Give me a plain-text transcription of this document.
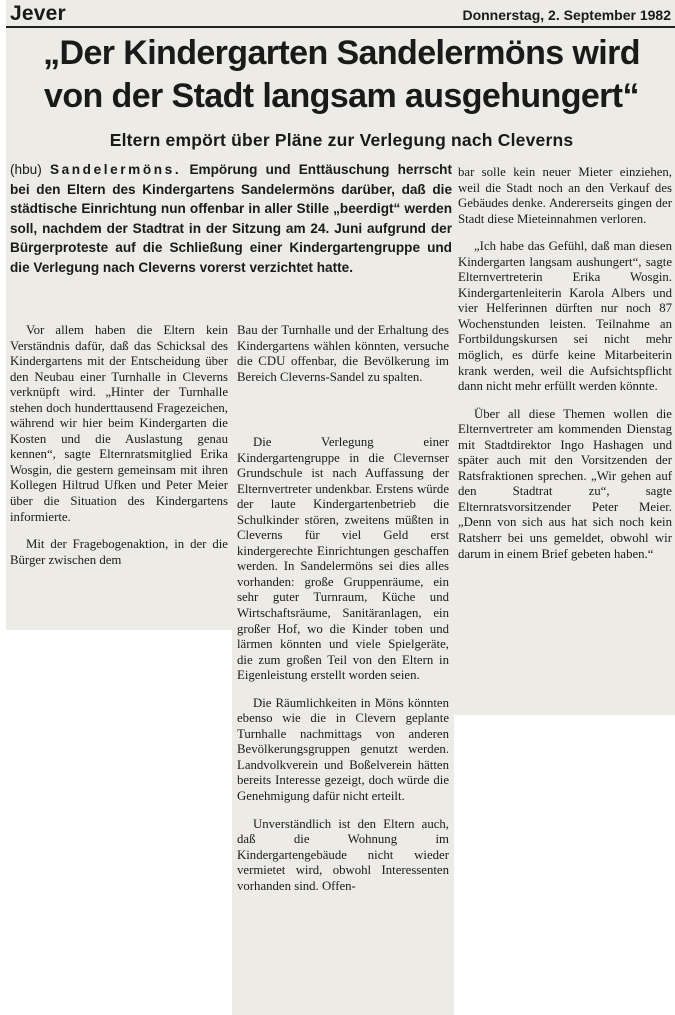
Jever	Donnerstag, 2. September 1982
„Der Kindergarten Sandelermöns wird
von der Stadt langsam ausgehungert“
Eltern empört über Pläne zur Verlegung nach Cleverns
(hbu) Sandelermöns. Empörung und Enttäuschung herrscht bei den Eltern des Kindergartens Sandelermöns darüber, daß die städtische Einrichtung nun offenbar in aller Stille „beerdigt“ werden soll, nachdem der Stadtrat in der Sitzung am 24. Juni aufgrund der Bürgerproteste auf die Schließung einer Kindergartengruppe und die Verlegung nach Cleverns vorerst verzichtet hatte.

Vor allem haben die Eltern kein Verständnis dafür, daß das Schicksal des Kindergartens mit der Entscheidung über den Neubau einer Turnhalle in Cleverns verknüpft wird. „Hinter der Turnhalle stehen doch hunderttausend Fragezeichen, während wir hier beim Kindergarten die Kosten und die Auslastung genau kennen“, sagte Elternratsmitglied Erika Wosgin, die gestern gemeinsam mit ihren Kollegen Hiltrud Ufken und Peter Meier über die Situation des Kindergartens informierte.

Mit der Fragebogenaktion, in der die Bürger zwischen dem

Bau der Turnhalle und der Erhaltung des Kindergartens wählen könnten, versuche die CDU offenbar, die Bevölkerung im Bereich Cleverns-Sandel zu spalten.

Die Verlegung einer Kindergartengruppe in die Clevernser Grundschule ist nach Auffassung der Elternvertreter undenkbar. Erstens würde der laute Kindergartenbetrieb die Schulkinder stören, zweitens müßten in Cleverns für viel Geld erst kindergerechte Einrichtungen geschaffen werden. In Sandelermöns sei dies alles vorhanden: große Gruppenräume, ein sehr guter Turnraum, Küche und Wirtschaftsräume, Sanitäranlagen, ein großer Hof, wo die Kinder toben und lärmen könnten und viele Spielgeräte, die zum großen Teil von den Eltern in Eigenleistung erstellt worden seien.

Die Räumlichkeiten in Möns könnten ebenso wie die in Clevern geplante Turnhalle nachmittags von anderen Bevölkerungsgruppen genutzt werden. Landvolkverein und Boßelverein hätten bereits Interesse gezeigt, doch würde die Genehmigung dafür nicht erteilt.

Unverständlich ist den Eltern auch, daß die Wohnung im Kindergartengebäude nicht wieder vermietet wird, obwohl Interessenten vorhanden sind. Offen-

bar solle kein neuer Mieter einziehen, weil die Stadt noch an den Verkauf des Gebäudes denke. Andererseits gingen der Stadt diese Mieteinnahmen verloren.

„Ich habe das Gefühl, daß man diesen Kindergarten langsam aushungert“, sagte Elternvertreterin Erika Wosgin. Kindergartenleiterin Karola Albers und vier Helferinnen dürften nur noch 87 Wochenstunden leisten. Teilnahme an Fortbildungskursen sei nicht mehr möglich, es dürfe keine Mitarbeiterin krank werden, weil die Aufsichtspflicht dann nicht mehr erfüllt werden könnte.

Über all diese Themen wollen die Elternvertreter am kommenden Dienstag mit Stadtdirektor Ingo Hashagen und später auch mit den Vorsitzenden der Ratsfraktionen sprechen. „Wir gehen auf den Stadtrat zu“, sagte Elternratsvorsitzender Peter Meier. „Denn von sich aus hat sich noch kein Ratsherr bei uns gemeldet, obwohl wir darum in einem Brief gebeten haben.“
